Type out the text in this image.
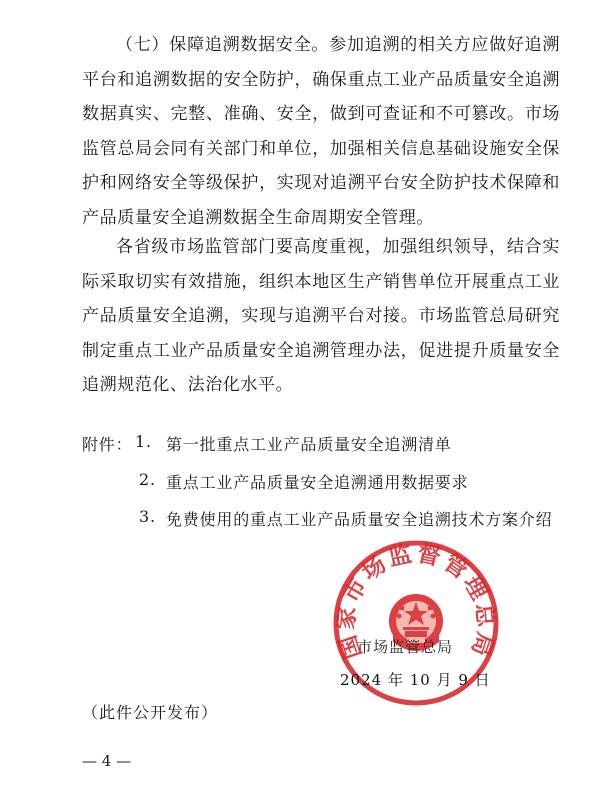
（七）保障追溯数据安全。参加追溯的相关方应做好追溯平台和追溯数据的安全防护，确保重点工业产品质量安全追溯数据真实、完整、准确、安全，做到可查证和不可篡改。市场监管总局会同有关部门和单位，加强相关信息基础设施安全保护和网络安全等级保护，实现对追溯平台安全防护技术保障和产品质量安全追溯数据全生命周期安全管理。

各省级市场监管部门要高度重视，加强组织领导，结合实际采取切实有效措施，组织本地区生产销售单位开展重点工业产品质量安全追溯，实现与追溯平台对接。市场监管总局研究制定重点工业产品质量安全追溯管理办法，促进提升质量安全追溯规范化、法治化水平。

附件： 1. 第一批重点工业产品质量安全追溯清单
2. 重点工业产品质量安全追溯通用数据要求
3. 免费使用的重点工业产品质量安全追溯技术方案介绍
国家市场监督管理总局
市场监管总局
2024 年 10 月 9 日
（此件公开发布）
— 4 —
